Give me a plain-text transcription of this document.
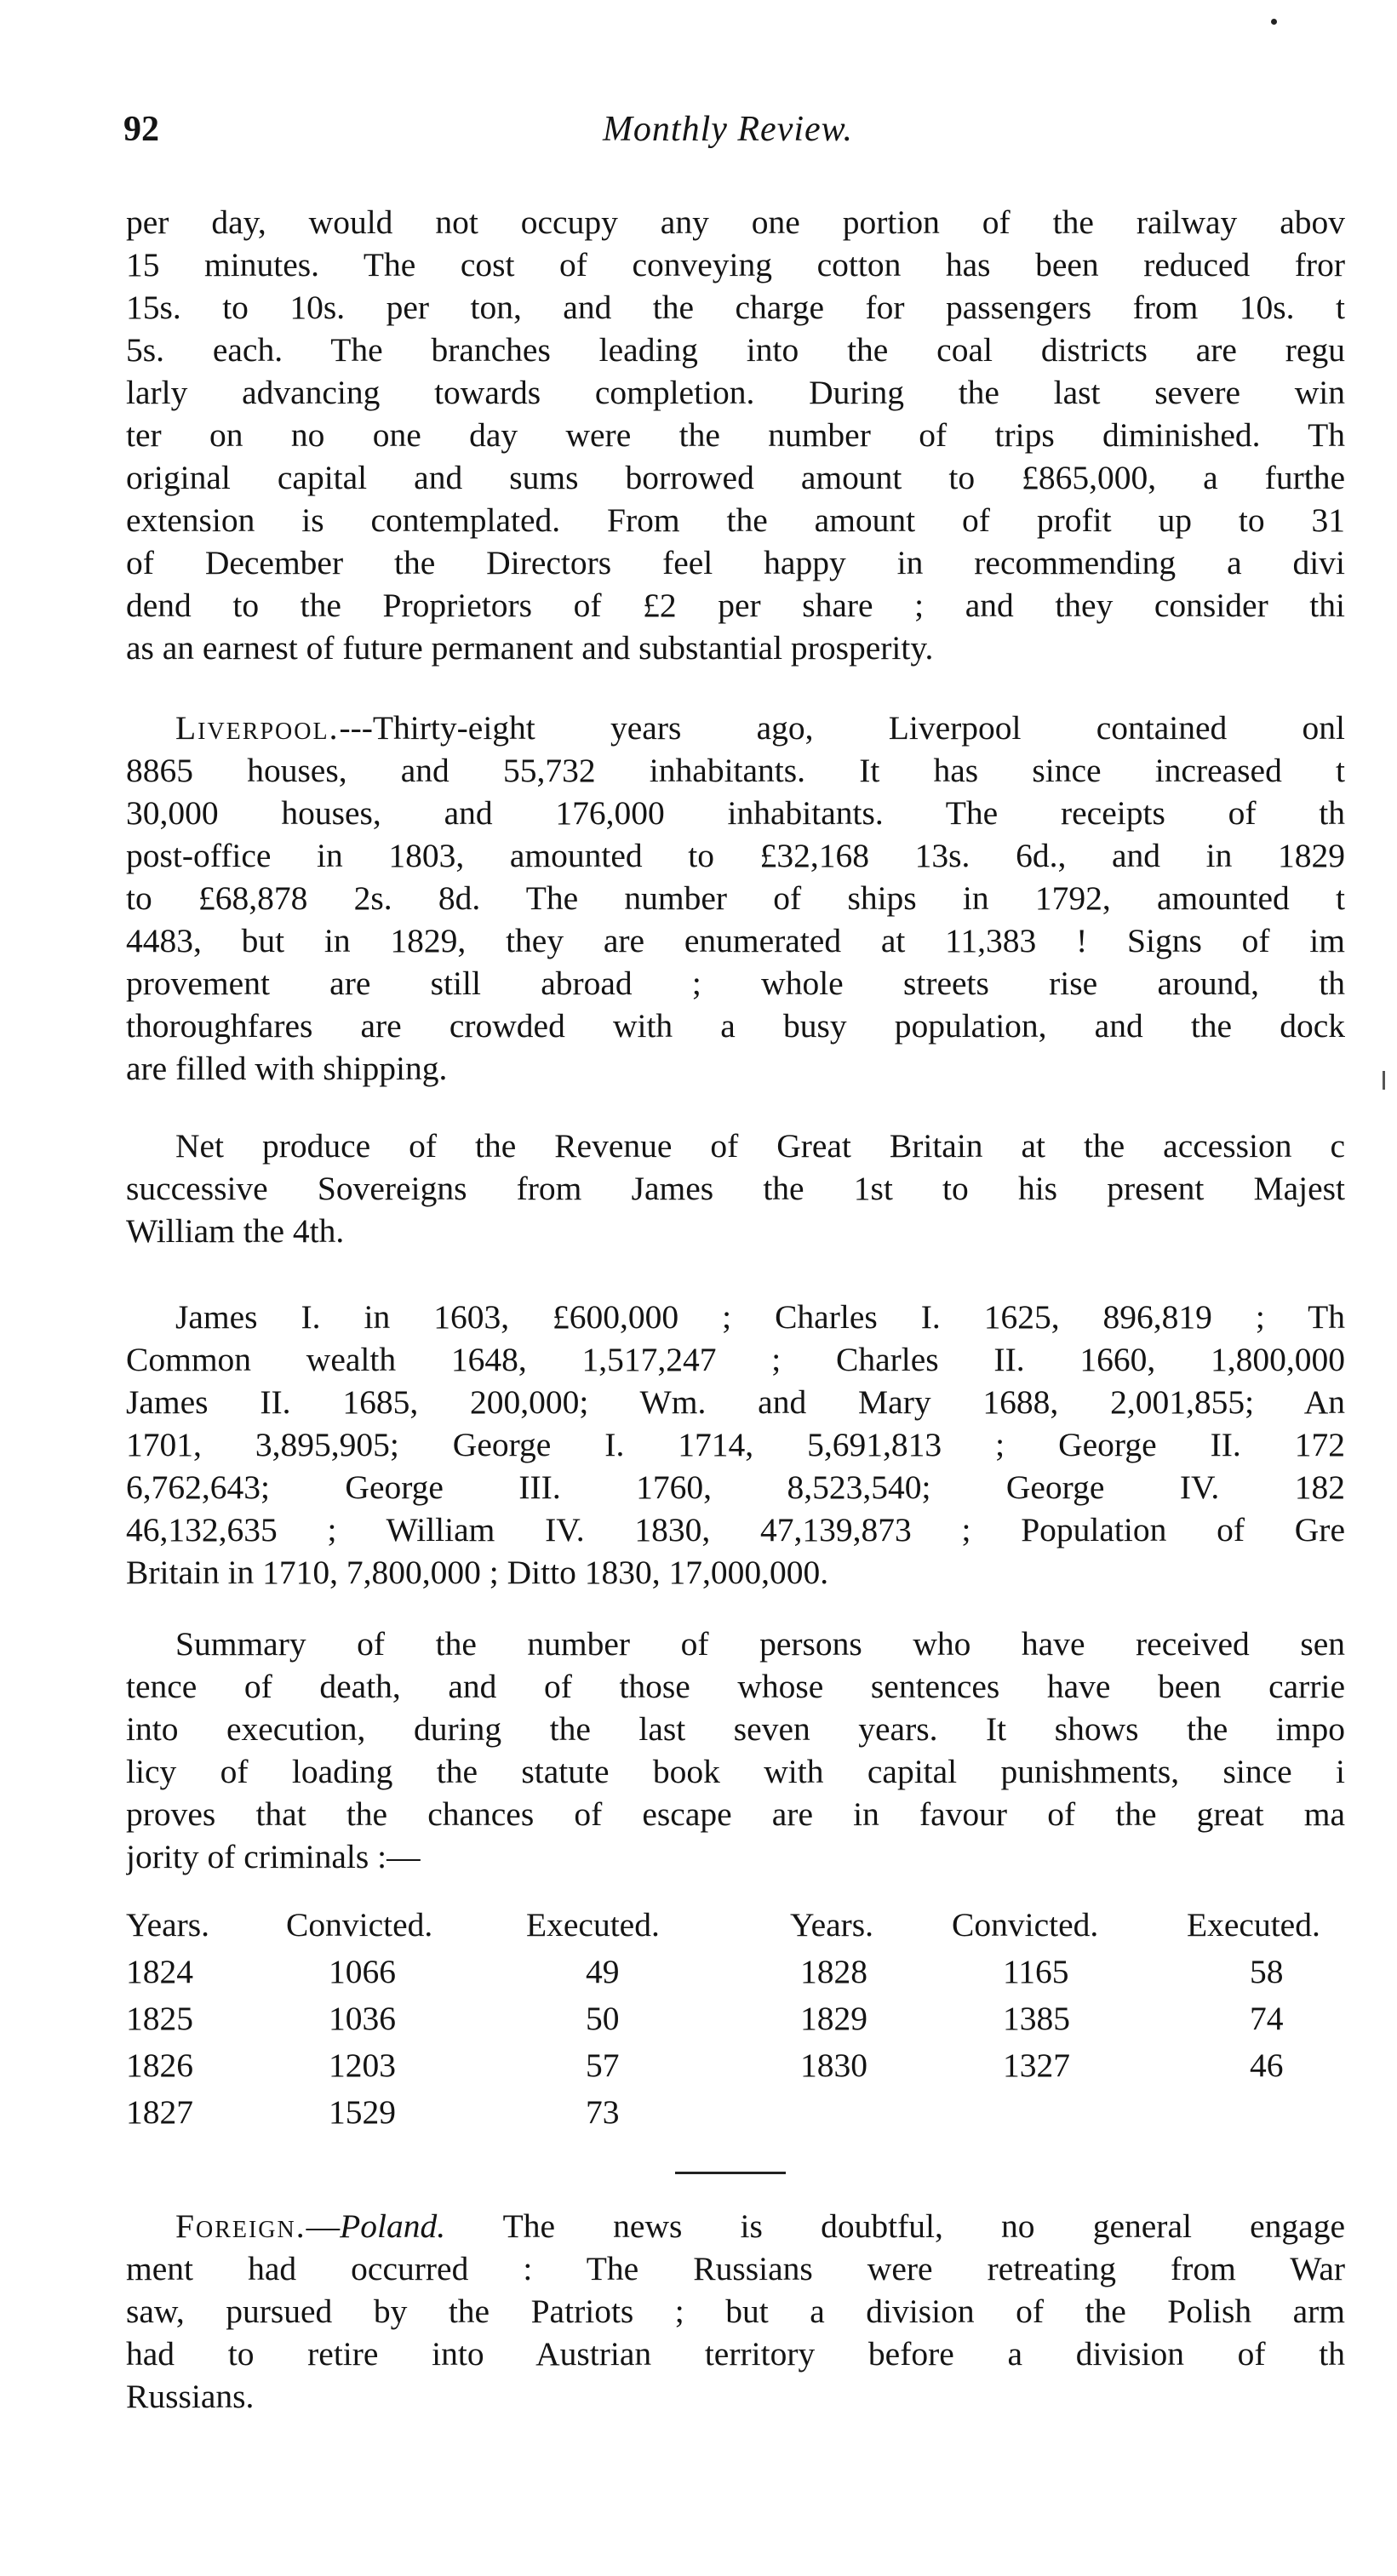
92	Monthly Review.
per day, would not occupy any one portion of the railway abov
15 minutes. The cost of conveying cotton has been reduced fror
15s. to 10s. per ton, and the charge for passengers from 10s. t
5s. each. The branches leading into the coal districts are regu
larly advancing towards completion. During the last severe win
ter on no one day were the number of trips diminished. Th
original capital and sums borrowed amount to £865,000, a furthe
extension is contemplated. From the amount of profit up to 31
of December the Directors feel happy in recommending a divi
dend to the Proprietors of £2 per share ; and they consider thi
as an earnest of future permanent and substantial prosperity.
Liverpool.---Thirty-eight years ago, Liverpool contained onl
8865 houses, and 55,732 inhabitants. It has since increased t
30,000 houses, and 176,000 inhabitants. The receipts of th
post-office in 1803, amounted to £32,168 13s. 6d., and in 1829
to £68,878 2s. 8d. The number of ships in 1792, amounted t
4483, but in 1829, they are enumerated at 11,383 ! Signs of im
provement are still abroad ; whole streets rise around, th
thoroughfares are crowded with a busy population, and the dock
are filled with shipping.
Net produce of the Revenue of Great Britain at the accession c
successive Sovereigns from James the 1st to his present Majest
William the 4th.
James I. in 1603, £600,000 ; Charles I. 1625, 896,819 ; Th
Common wealth 1648, 1,517,247 ; Charles II. 1660, 1,800,000
James II. 1685, 200,000; Wm. and Mary 1688, 2,001,855; An
1701, 3,895,905; George I. 1714, 5,691,813 ; George II. 172
6,762,643; George III. 1760, 8,523,540; George IV. 182
46,132,635 ; William IV. 1830, 47,139,873 ; Population of Gre
Britain in 1710, 7,800,000 ; Ditto 1830, 17,000,000.
Summary of the number of persons who have received sen
tence of death, and of those whose sentences have been carrie
into execution, during the last seven years. It shows the impo
licy of loading the statute book with capital punishments, since i
proves that the chances of escape are in favour of the great ma
jority of criminals :—
Years. Convicted.	Executed.	Years. Convicted.	Executed.
1824	1066	49	1828	1165	58
1825	1036	50	1829	1385	74
1826	1203	57	1830	1327	46
1827	1529	73
Foreign.—Poland. The news is doubtful, no general engage
ment had occurred : The Russians were retreating from War
saw, pursued by the Patriots ; but a division of the Polish arm
had to retire into Austrian territory before a division of th
Russians.
